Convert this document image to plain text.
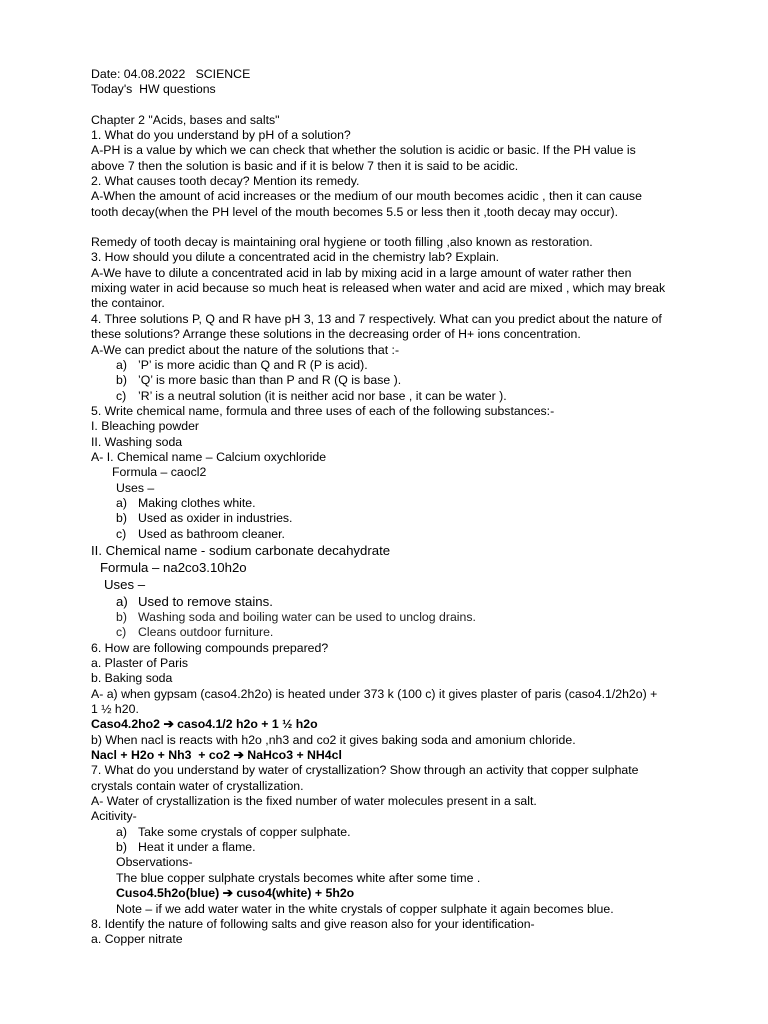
Date: 04.08.2022   SCIENCE
Today's  HW questions
Chapter 2 "Acids, bases and salts"
1. What do you understand by pH of a solution?
A-PH is a value by which we can check that whether the solution is acidic or basic. If the PH value is
above 7 then the solution is basic and if it is below 7 then it is said to be acidic.
2. What causes tooth decay? Mention its remedy.
A-When the amount of acid increases or the medium of our mouth becomes acidic , then it can cause
tooth decay(when the PH level of the mouth becomes 5.5 or less then it ,tooth decay may occur).
Remedy of tooth decay is maintaining oral hygiene or tooth filling ,also known as restoration.
3. How should you dilute a concentrated acid in the chemistry lab? Explain.
A-We have to dilute a concentrated acid in lab by mixing acid in a large amount of water rather then
mixing water in acid because so much heat is released when water and acid are mixed , which may break
the containor.
4. Three solutions P, Q and R have pH 3, 13 and 7 respectively. What can you predict about the nature of
these solutions? Arrange these solutions in the decreasing order of H+ ions concentration.
A-We can predict about the nature of the solutions that :-
a) ’P’ is more acidic than Q and R (P is acid).
b) ’Q’ is more basic than than P and R (Q is base ).
c) ’R’ is a neutral solution (it is neither acid nor base , it can be water ).
5. Write chemical name, formula and three uses of each of the following substances:-
I. Bleaching powder
II. Washing soda
A- I. Chemical name – Calcium oxychloride
Formula – caocl2
Uses –
a) Making clothes white.
b) Used as oxider in industries.
c) Used as bathroom cleaner.
II. Chemical name - sodium carbonate decahydrate
Formula – na2co3.10h2o
Uses –
a) Used to remove stains.
b) Washing soda and boiling water can be used to unclog drains.
c) Cleans outdoor furniture.
6. How are following compounds prepared?
a. Plaster of Paris
b. Baking soda
A- a) when gypsam (caso4.2h2o) is heated under 373 k (100 c) it gives plaster of paris (caso4.1/2h2o) +
1 ½ h20.
Caso4.2ho2 ➔ caso4.1/2 h2o + 1 ½ h2o
b) When nacl is reacts with h2o ,nh3 and co2 it gives baking soda and amonium chloride.
Nacl + H2o + Nh3  + co2 ➔ NaHco3 + NH4cl
7. What do you understand by water of crystallization? Show through an activity that copper sulphate
crystals contain water of crystallization.
A- Water of crystallization is the fixed number of water molecules present in a salt.
Acitivity-
a) Take some crystals of copper sulphate.
b) Heat it under a flame.
Observations-
The blue copper sulphate crystals becomes white after some time .
Cuso4.5h2o(blue) ➔ cuso4(white) + 5h2o
Note – if we add water water in the white crystals of copper sulphate it again becomes blue.
8. Identify the nature of following salts and give reason also for your identification-
a. Copper nitrate
